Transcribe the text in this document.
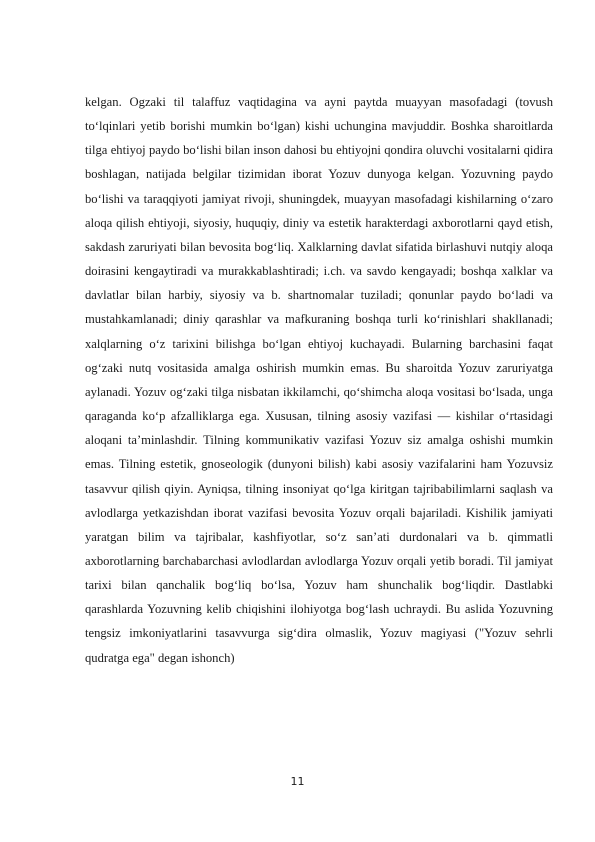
kelgan. Ogzaki til talaffuz vaqtidagina va ayni paytda muayyan masofadagi (tovush toʻlqinlari yetib borishi mumkin boʻlgan) kishi uchungina mavjuddir. Boshka sharoitlarda tilga ehtiyoj paydo boʻlishi bilan inson dahosi bu ehtiyojni qondira oluvchi vositalarni qidira boshlagan, natijada belgilar tizimidan iborat Yozuv dunyoga kelgan. Yozuvning paydo boʻlishi va taraqqiyoti jamiyat rivoji, shuningdek, muayyan masofadagi kishilarning oʻzaro aloqa qilish ehtiyoji, siyosiy, huquqiy, diniy va estetik harakterdagi axborotlarni qayd etish, sakdash zaruriyati bilan bevosita bogʻliq. Xalklarning davlat sifatida birlashuvi nutqiy aloqa doirasini kengaytiradi va murakkablashtiradi; i.ch. va savdo kengayadi; boshqa xalklar va davlatlar bilan harbiy, siyosiy va b. shartnomalar tuziladi; qonunlar paydo boʻladi va mustahkamlanadi; diniy qarashlar va mafkuraning boshqa turli koʻrinishlari shakllanadi; xalqlarning oʻz tarixini bilishga boʻlgan ehtiyoj kuchayadi. Bularning barchasini faqat ogʻzaki nutq vositasida amalga oshirish mumkin emas. Bu sharoitda Yozuv zaruriyatga aylanadi. Yozuv ogʻzaki tilga nisbatan ikkilamchi, qoʻshimcha aloqa vositasi boʻlsada, unga qaraganda koʻp afzalliklarga ega. Xususan, tilning asosiy vazifasi — kishilar oʻrtasidagi aloqani taʼminlashdir. Tilning kommunikativ vazifasi Yozuv siz amalga oshishi mumkin emas. Tilning estetik, gnoseologik (dunyoni bilish) kabi asosiy vazifalarini ham Yozuvsiz tasavvur qilish qiyin. Ayniqsa, tilning insoniyat qoʻlga kiritgan tajribabilimlarni saqlash va avlodlarga yetkazishdan iborat vazifasi bevosita Yozuv orqali bajariladi. Kishilik jamiyati yaratgan bilim va tajribalar, kashfiyotlar, soʻz sanʼati durdonalari va b. qimmatli axborotlarning barchabarchasi avlodlardan avlodlarga Yozuv orqali yetib boradi. Til jamiyat tarixi bilan qanchalik bogʻliq boʻlsa, Yozuv ham shunchalik bogʻliqdir. Dastlabki qarashlarda Yozuvning kelib chiqishini ilohiyotga bogʻlash uchraydi. Bu aslida Yozuvning tengsiz imkoniyatlarini tasavvurga sigʻdira olmaslik, Yozuv magiyasi ("Yozuv sehrli qudratga ega" degan ishonch)

11
